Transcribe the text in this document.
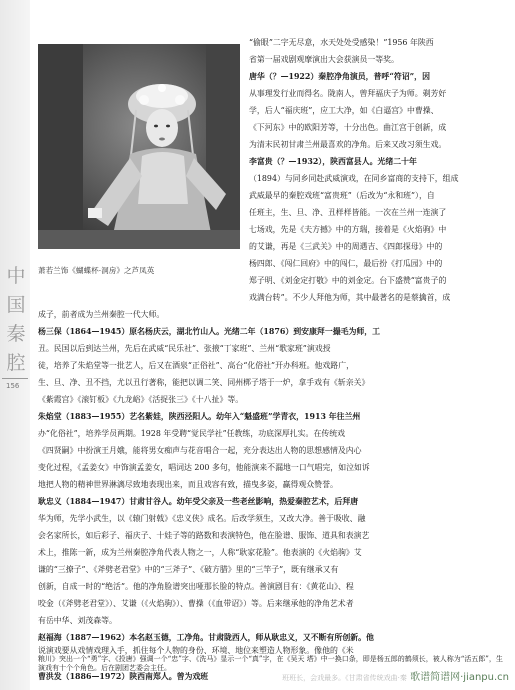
中
国
秦
腔
156
萧若兰饰《蝴蝶杯·洞房》之芦凤英
“偷眼”二字无尽意，水天处处受感染！”1956 年陕西
省第一届戏剧观摩演出大会获演员一等奖。
唐华（？—1922）秦腔净角演员，普呼“符诏”，因
从事理发行业而得名。陇南人，曾拜福庆子为师。剃芳好
学，后人“福庆班”，应工大净，如《白逼宫》中曹操、
《下河东》中的欧阳芳等，十分出色。曲江宫于创新，成
为清末民初甘肃兰州最喜欢的净角。后来又改习须生戏。
李富贵（？—1932），陕西富县人。光绪二十年
（1894）与同乡同赴武威演戏，在同乡富商的支持下，组成
武威最早的秦腔戏班“富贵班”（后改为“永和班”），自
任班主，生、旦、净、丑样样皆能。一次在兰州一连演了
七场戏，先是《夫方撼》中的方瑞，接着是《火焰驹》中
的艾谦，再是《三武关》中的周遇吉、《四郎探母》中的
杨四郎、《闯仁回府》中的闯仁，最后扮《打瓜园》中的
郑子明、《刘金定打敬》中的刘金定。台下盛赞“富贵子的
戏满台转”。不少人拜他为师，其中最著名的是蔡擒首，成
成子，前者成为兰州秦腔一代大师。
杨三保（1864—1945）原名杨庆云，湖北竹山人。光绪二年（1876）到安康拜一撮毛为师，工
丑。民国以后到达兰州，先后在武威“民乐社”、张掖“丁家班”、兰州“歌家班”演戏授
徒，培养了朱焰堂等一批艺人，后又在酒泉“正俗社”、高台“化俗社”开办科班。他戏路广，
生、旦、净、丑不挡，尤以丑行著称，能把以调二笑、同州梆子塔于一炉，拿手戏有《斩亲关》
《紫霞宫》《滚钉板》《九龙峪》《活捉张三》《十八扯》等。
朱焰堂（1883—1955）艺名紫娃，陕西泾阳人。幼年入“魁盛班”学青衣，1913 年往兰州
办“化俗社”，培养学员两期。1928 年受聘“觉民学社”任教练，功底深厚扎实。在传统戏
《四贤嗣》中扮演王月娥，能将男女痴声与花音唱合一起，充分表达出人物的思想感情及内心
变化过程，《孟姜女》中饰演孟姜女，唱词达 200 多句，他能演来不漏地一口气唱完，如泣如诉
地把人物的精神世界淋漓尽致地表现出来，而且戏容有致，描曳多姿，赢得观众赞誉。
耿忠义（1884—1947）甘肃甘谷人。幼年受父亲及一些老丝影响，热爱秦腔艺术，后拜唐
华为师，先学小武生，以《辕门射戟》《忠义侠》成名。后改学须生，又改大净。善于吸收、融
会名家所长，如后彩子、福庆子、十娃子等的路数和表演特色，他在脸谱、服饰、道具和表演艺
术上，推陈一新，成为兰州秦腔净角代表人物之一，人称“耿家花脸”。他表演的《火焰驹》艾
谦的“三撩子”、《斧劈老君堂》中的“三斧子”、《破方腊》里的“三竿子”，既有继承又有
创新，自成一时的“绝活”。他的净角脸谱突出哑那长脸的特点。善演剧目有：《黄花山》、程
咬金（《斧劈老君堂》）、艾谦（《火焰驹》）、曹操（《血带诏》）等。后来继承他的净角艺术者
有岳中华、刘茂森等。
赵福海（1887—1962）本名赵玉德，工净角。甘肃陇西人，师从耿忠义，又不断有所创新。他
说演戏要从戏情戏理入手，抓住每个人物的身份、环境、地位来塑造人物形象。像他的《米
曹洪发（1886—1972）陕西南郑人。曾为戏班	班班长，会戏最多。《甘肃省传统戏曲·秦 歌谱简谱网·jianpu.cn
粮川》突出一个“勇”字、《投唐》强调一个“忠”字、《洗马》显示一个“真”字，在《吴天 塔》中一换口条，即是杨五郎的鹤须长，被人称为“活五郎”，生演戏有十个个角色。后在剧团艺委会主任。
